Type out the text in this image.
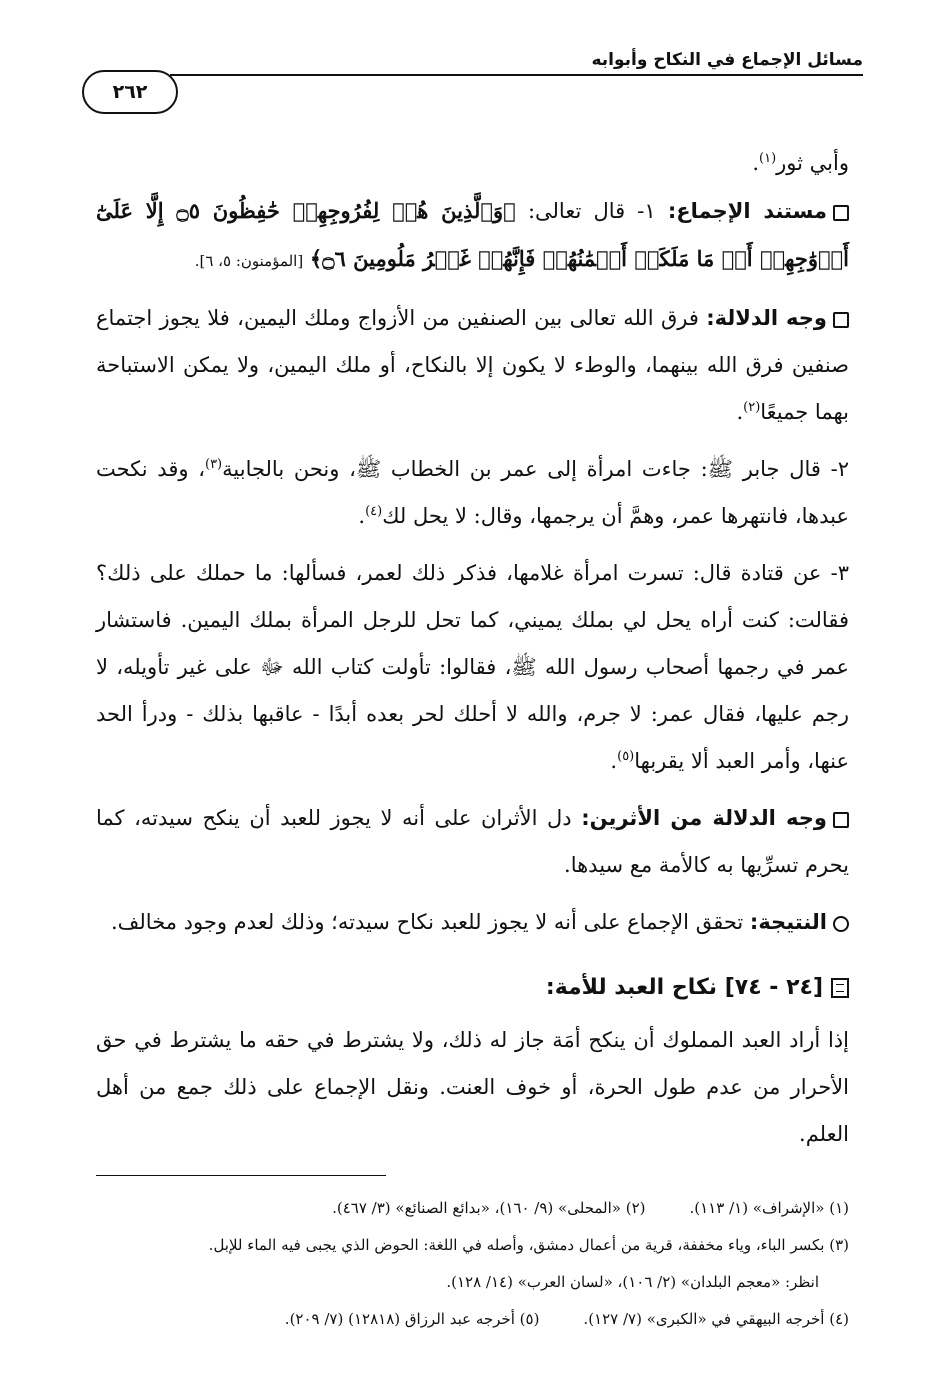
مسائل الإجماع في النكاح وأبوابه
٢٦٢

وأبي ثور$^{(١)}$.

مستند الإجماع: ١- قال تعالى: ﴿وَٱلَّذِينَ هُمۡ لِفُرُوجِهِمۡ حَٰفِظُونَ ۝٥ إِلَّا عَلَىٰٓ أَزۡوَٰجِهِمۡ أَوۡ مَا مَلَكَتۡ أَيۡمَٰنُهُمۡ فَإِنَّهُمۡ غَيۡرُ مَلُومِينَ ۝٦﴾ [المؤمنون: ٥، ٦].

وجه الدلالة: فرق الله تعالى بين الصنفين من الأزواج وملك اليمين، فلا يجوز اجتماع صنفين فرق الله بينهما، والوطء لا يكون إلا بالنكاح، أو ملك اليمين، ولا يمكن الاستباحة بهما جميعًا$^{(٢)}$.

٢- قال جابر ﷺ: جاءت امرأة إلى عمر بن الخطاب ﷺ، ونحن بالجابية$^{(٣)}$، وقد نكحت عبدها، فانتهرها عمر، وهمَّ أن يرجمها، وقال: لا يحل لك$^{(٤)}$.

٣- عن قتادة قال: تسرت امرأة غلامها، فذكر ذلك لعمر، فسألها: ما حملك على ذلك؟ فقالت: كنت أراه يحل لي بملك يميني، كما تحل للرجل المرأة بملك اليمين. فاستشار عمر في رجمها أصحاب رسول الله ﷺ، فقالوا: تأولت كتاب الله ﷻ على غير تأويله، لا رجم عليها، فقال عمر: لا جرم، والله لا أحلك لحر بعده أبدًا - عاقبها بذلك - ودرأ الحد عنها، وأمر العبد ألا يقربها$^{(٥)}$.

وجه الدلالة من الأثرين: دل الأثران على أنه لا يجوز للعبد أن ينكح سيدته، كما يحرم تسرِّيها به كالأمة مع سيدها.

النتيجة: تحقق الإجماع على أنه لا يجوز للعبد نكاح سيدته؛ وذلك لعدم وجود مخالف.

[٢٤ - ٧٤] نكاح العبد للأمة:

إذا أراد العبد المملوك أن ينكح أمَة جاز له ذلك، ولا يشترط في حقه ما يشترط في حق الأحرار من عدم طول الحرة، أو خوف العنت. ونقل الإجماع على ذلك جمع من أهل العلم.

(١) «الإشراف» (١/ ١١٣).(٢) «المحلى» (٩/ ١٦٠)، «بدائع الصنائع» (٣/ ٤٦٧).

(٣) بكسر الباء، وياء مخففة، قرية من أعمال دمشق، وأصله في اللغة: الحوض الذي يجبى فيه الماء للإبل.

انظر: «معجم البلدان» (٢/ ١٠٦)، «لسان العرب» (١٤/ ١٢٨).

(٤) أخرجه البيهقي في «الكبرى» (٧/ ١٢٧).(٥) أخرجه عبد الرزاق (١٢٨١٨) (٧/ ٢٠٩).
